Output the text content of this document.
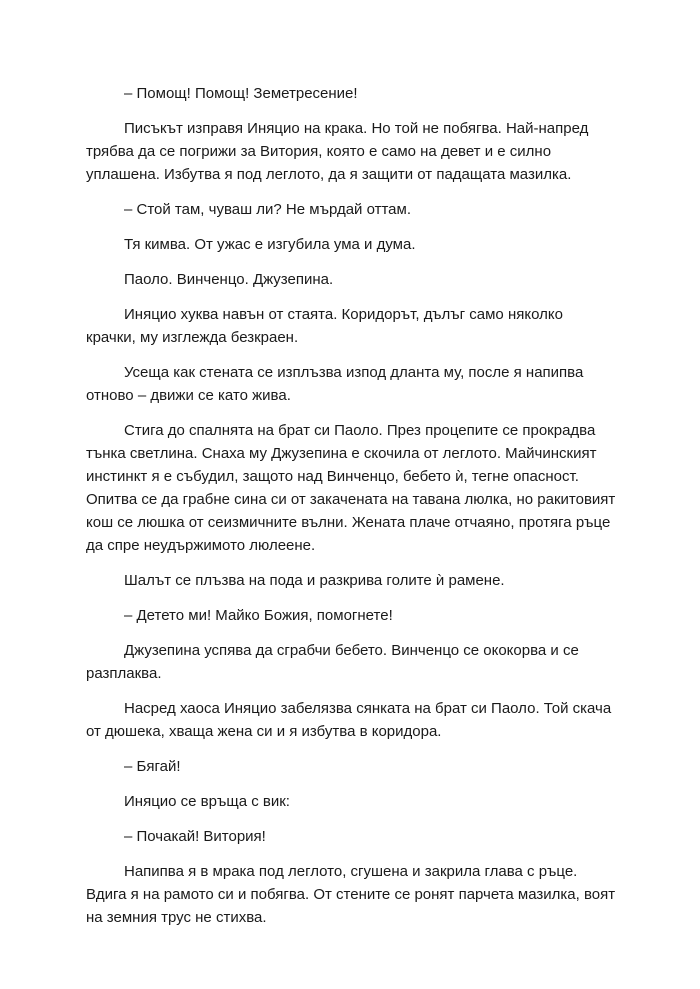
– Помощ! Помощ! Земетресение!

Писъкът изправя Иняцио на крака. Но той не побягва. Най-напред
трябва да се погрижи за Витория, която е само на девет и е силно
уплашена. Избутва я под леглото, да я защити от падащата мазилка.

– Стой там, чуваш ли? Не мърдай оттам.

Тя кимва. От ужас е изгубила ума и дума.

Паоло. Винченцо. Джузепина.

Иняцио хуква навън от стаята. Коридорът, дълъг само няколко
крачки, му изглежда безкраен.

Усеща как стената се изплъзва изпод дланта му, после я напипва
отново – движи се като жива.

Стига до спалнята на брат си Паоло. През процепите се прокрадва
тънка светлина. Снаха му Джузепина е скочила от леглото. Майчинският
инстинкт я е събудил, защото над Винченцо, бебето ѝ, тегне опасност.
Опитва се да грабне сина си от закачената на тавана люлка, но ракитовият
кош се люшка от сеизмичните вълни. Жената плаче отчаяно, протяга ръце
да спре неудържимото люлеене.

Шалът се плъзва на пода и разкрива голите ѝ рамене.

– Детето ми! Майко Божия, помогнете!

Джузепина успява да сграбчи бебето. Винченцо се ококорва и се
разплаква.

Насред хаоса Иняцио забелязва сянката на брат си Паоло. Той скача
от дюшека, хваща жена си и я избутва в коридора.

– Бягай!

Иняцио се връща с вик:

– Почакай! Витория!

Напипва я в мрака под леглото, сгушена и закрила глава с ръце.
Вдига я на рамото си и побягва. От стените се ронят парчета мазилка, воят
на земния трус не стихва.
